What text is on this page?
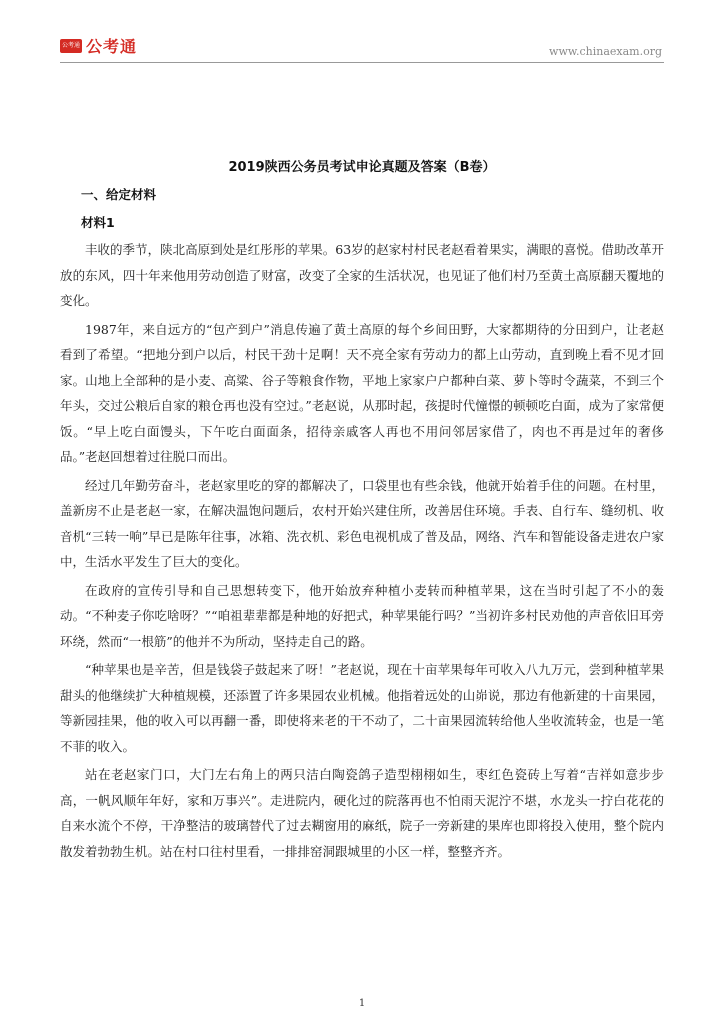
公考通 公考通	www.chinaexam.org
2019陕西公务员考试申论真题及答案（B卷）
一、给定材料
材料1

丰收的季节，陕北高原到处是红彤彤的苹果。63岁的赵家村村民老赵看着果实，满眼的喜悦。借助改革开放的东风，四十年来他用劳动创造了财富，改变了全家的生活状况，也见证了他们村乃至黄土高原翻天覆地的变化。

1987年，来自远方的“包产到户”消息传遍了黄土高原的每个乡间田野，大家都期待的分田到户，让老赵看到了希望。“把地分到户以后，村民干劲十足啊！天不亮全家有劳动力的都上山劳动，直到晚上看不见才回家。山地上全部种的是小麦、高粱、谷子等粮食作物，平地上家家户户都种白菜、萝卜等时令蔬菜，不到三个年头，交过公粮后自家的粮仓再也没有空过。”老赵说，从那时起，孩提时代憧憬的顿顿吃白面，成为了家常便饭。“早上吃白面馒头，下午吃白面面条，招待亲戚客人再也不用问邻居家借了，肉也不再是过年的奢侈品。”老赵回想着过往脱口而出。

经过几年勤劳奋斗，老赵家里吃的穿的都解决了，口袋里也有些余钱，他就开始着手住的问题。在村里，盖新房不止是老赵一家，在解决温饱问题后，农村开始兴建住所，改善居住环境。手表、自行车、缝纫机、收音机“三转一响”早已是陈年往事，冰箱、洗衣机、彩色电视机成了普及品，网络、汽车和智能设备走进农户家中，生活水平发生了巨大的变化。

在政府的宣传引导和自己思想转变下，他开始放弃种植小麦转而种植苹果，这在当时引起了不小的轰动。“不种麦子你吃啥呀？”“咱祖辈辈都是种地的好把式，种苹果能行吗？”当初许多村民劝他的声音依旧耳旁环绕，然而“一根筋”的他并不为所动，坚持走自己的路。

“种苹果也是辛苦，但是钱袋子鼓起来了呀！”老赵说，现在十亩苹果每年可收入八九万元，尝到种植苹果甜头的他继续扩大种植规模，还添置了许多果园农业机械。他指着远处的山峁说，那边有他新建的十亩果园，等新园挂果，他的收入可以再翻一番，即使将来老的干不动了，二十亩果园流转给他人坐收流转金，也是一笔不菲的收入。

站在老赵家门口，大门左右角上的两只洁白陶瓷鸽子造型栩栩如生，枣红色瓷砖上写着“吉祥如意步步高，一帆风顺年年好，家和万事兴”。走进院内，硬化过的院落再也不怕雨天泥泞不堪，水龙头一拧白花花的自来水流个不停，干净整洁的玻璃替代了过去糊窗用的麻纸，院子一旁新建的果库也即将投入使用，整个院内散发着勃勃生机。站在村口往村里看，一排排窑洞跟城里的小区一样，整整齐齐。

1
